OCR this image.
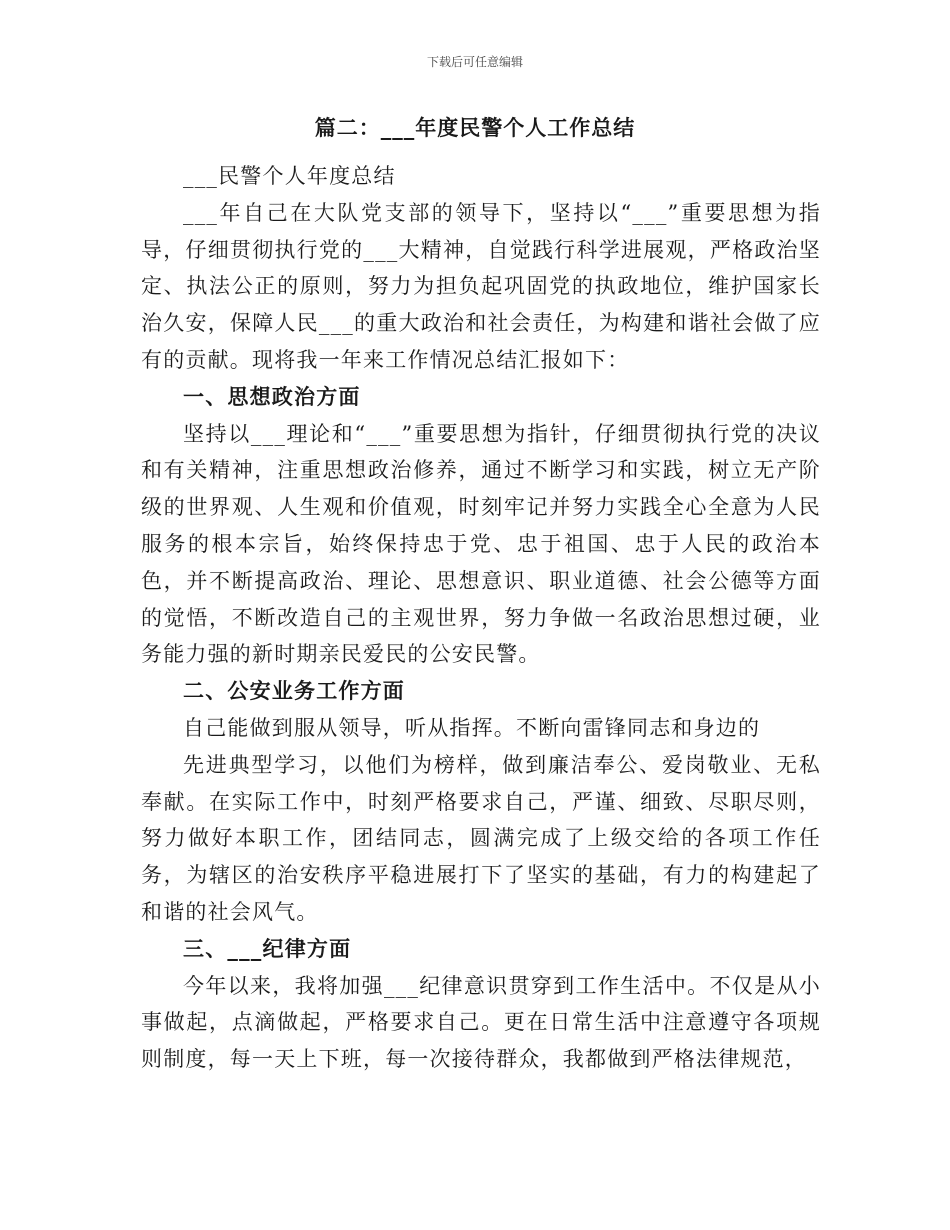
下载后可任意编辑
篇二：___年度民警个人工作总结

___民警个人年度总结

___年自己在大队党支部的领导下，坚持以“___”重要思想为指导，仔细贯彻执行党的___大精神，自觉践行科学进展观，严格政治坚定、执法公正的原则，努力为担负起巩固党的执政地位，维护国家长治久安，保障人民___的重大政治和社会责任，为构建和谐社会做了应有的贡献。现将我一年来工作情况总结汇报如下：

一、思想政治方面

坚持以___理论和“___”重要思想为指针，仔细贯彻执行党的决议和有关精神，注重思想政治修养，通过不断学习和实践，树立无产阶级的世界观、人生观和价值观，时刻牢记并努力实践全心全意为人民服务的根本宗旨，始终保持忠于党、忠于祖国、忠于人民的政治本色，并不断提高政治、理论、思想意识、职业道德、社会公德等方面的觉悟，不断改造自己的主观世界，努力争做一名政治思想过硬，业务能力强的新时期亲民爱民的公安民警。

二、公安业务工作方面

自己能做到服从领导，听从指挥。不断向雷锋同志和身边的

先进典型学习，以他们为榜样，做到廉洁奉公、爱岗敬业、无私奉献。在实际工作中，时刻严格要求自己，严谨、细致、尽职尽则，努力做好本职工作，团结同志，圆满完成了上级交给的各项工作任务，为辖区的治安秩序平稳进展打下了坚实的基础，有力的构建起了和谐的社会风气。

三、___纪律方面

今年以来，我将加强___纪律意识贯穿到工作生活中。不仅是从小事做起，点滴做起，严格要求自己。更在日常生活中注意遵守各项规则制度，每一天上下班，每一次接待群众，我都做到严格法律规范，
